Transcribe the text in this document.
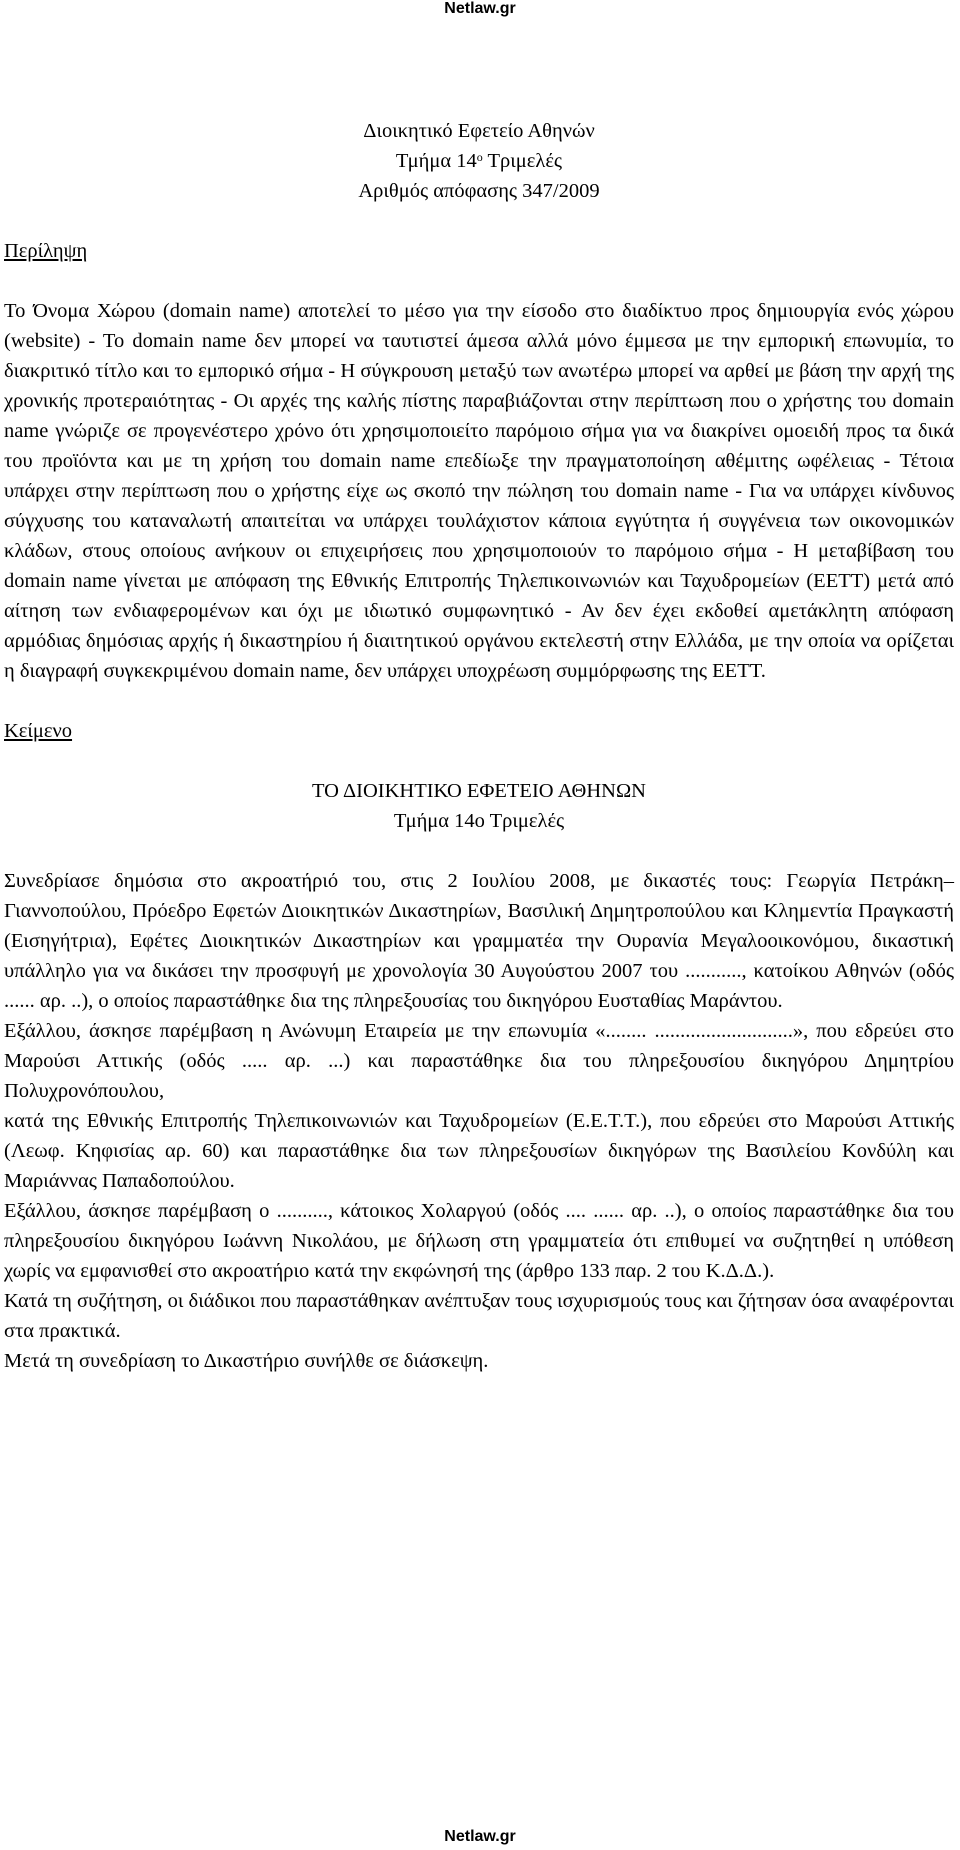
Netlaw.gr
Διοικητικό Εφετείο Αθηνών
Τμήμα $14^o$ Τριμελές
Αριθμός απόφασης 347/2009
Περίληψη
Το Όνομα Χώρου (domain name) αποτελεί το μέσο για την είσοδο στο διαδίκτυο προς δημιουργία ενός χώρου (website) - Το domain name δεν μπορεί να ταυτιστεί άμεσα αλλά μόνο έμμεσα με την εμπορική επωνυμία, το διακριτικό τίτλο και το εμπορικό σήμα - Η σύγκρουση μεταξύ των ανωτέρω μπορεί να αρθεί με βάση την αρχή της χρονικής προτεραιότητας - Οι αρχές της καλής πίστης παραβιάζονται στην περίπτωση που ο χρήστης του domain name γνώριζε σε προγενέστερο χρόνο ότι χρησιμοποιείτο παρόμοιο σήμα για να διακρίνει ομοειδή προς τα δικά του προϊόντα και με τη χρήση του domain name επεδίωξε την πραγματοποίηση αθέμιτης ωφέλειας - Τέτοια υπάρχει στην περίπτωση που ο χρήστης είχε ως σκοπό την πώληση του domain name - Για να υπάρχει κίνδυνος σύγχυσης του καταναλωτή απαιτείται να υπάρχει τουλάχιστον κάποια εγγύτητα ή συγγένεια των οικονομικών κλάδων, στους οποίους ανήκουν οι επιχειρήσεις που χρησιμοποιούν το παρόμοιο σήμα - Η μεταβίβαση του domain name γίνεται με απόφαση της Εθνικής Επιτροπής Τηλεπικοινωνιών και Ταχυδρομείων (ΕΕΤΤ) μετά από αίτηση των ενδιαφερομένων και όχι με ιδιωτικό συμφωνητικό - Αν δεν έχει εκδοθεί αμετάκλητη απόφαση αρμόδιας δημόσιας αρχής ή δικαστηρίου ή διαιτητικού οργάνου εκτελεστή στην Ελλάδα, με την οποία να ορίζεται η διαγραφή συγκεκριμένου domain name, δεν υπάρχει υποχρέωση συμμόρφωσης της ΕΕΤΤ.
Κείμενο
ΤΟ ΔΙΟΙΚΗΤΙΚΟ ΕΦΕΤΕΙΟ ΑΘΗΝΩΝ
Τμήμα 14ο Τριμελές
Συνεδρίασε δημόσια στο ακροατήριό του, στις 2 Ιουλίου 2008, με δικαστές τους: Γεωργία Πετράκη–Γιαννοπούλου, Πρόεδρο Εφετών Διοικητικών Δικαστηρίων, Βασιλική Δημητροπούλου και Κλημεντία Πραγκαστή (Εισηγήτρια), Εφέτες Διοικητικών Δικαστηρίων και γραμματέα την Ουρανία Μεγαλοοικονόμου, δικαστική υπάλληλο για να δικάσει την προσφυγή με χρονολογία 30 Αυγούστου 2007 του ..........., κατοίκου Αθηνών (οδός ...... αρ. ..), ο οποίος παραστάθηκε δια της πληρεξουσίας του δικηγόρου Ευσταθίας Μαράντου.
Εξάλλου, άσκησε παρέμβαση η Ανώνυμη Εταιρεία με την επωνυμία «........ ...........................», που εδρεύει στο Μαρούσι Αττικής (οδός ..... αρ. ...) και παραστάθηκε δια του πληρεξουσίου δικηγόρου Δημητρίου Πολυχρονόπουλου,
κατά της Εθνικής Επιτροπής Τηλεπικοινωνιών και Ταχυδρομείων (Ε.Ε.Τ.Τ.), που εδρεύει στο Μαρούσι Αττικής (Λεωφ. Κηφισίας αρ. 60) και παραστάθηκε δια των πληρεξουσίων δικηγόρων της Βασιλείου Κονδύλη και Μαριάννας Παπαδοπούλου.
Εξάλλου, άσκησε παρέμβαση ο .........., κάτοικος Χολαργού (οδός .... ...... αρ. ..), ο οποίος παραστάθηκε δια του πληρεξουσίου δικηγόρου Ιωάννη Νικολάου, με δήλωση στη γραμματεία ότι επιθυμεί να συζητηθεί η υπόθεση χωρίς να εμφανισθεί στο ακροατήριο κατά την εκφώνησή της (άρθρο 133 παρ. 2 του Κ.Δ.Δ.).
Κατά τη συζήτηση, οι διάδικοι που παραστάθηκαν ανέπτυξαν τους ισχυρισμούς τους και ζήτησαν όσα αναφέρονται στα πρακτικά.
Μετά τη συνεδρίαση το Δικαστήριο συνήλθε σε διάσκεψη.
Netlaw.gr
